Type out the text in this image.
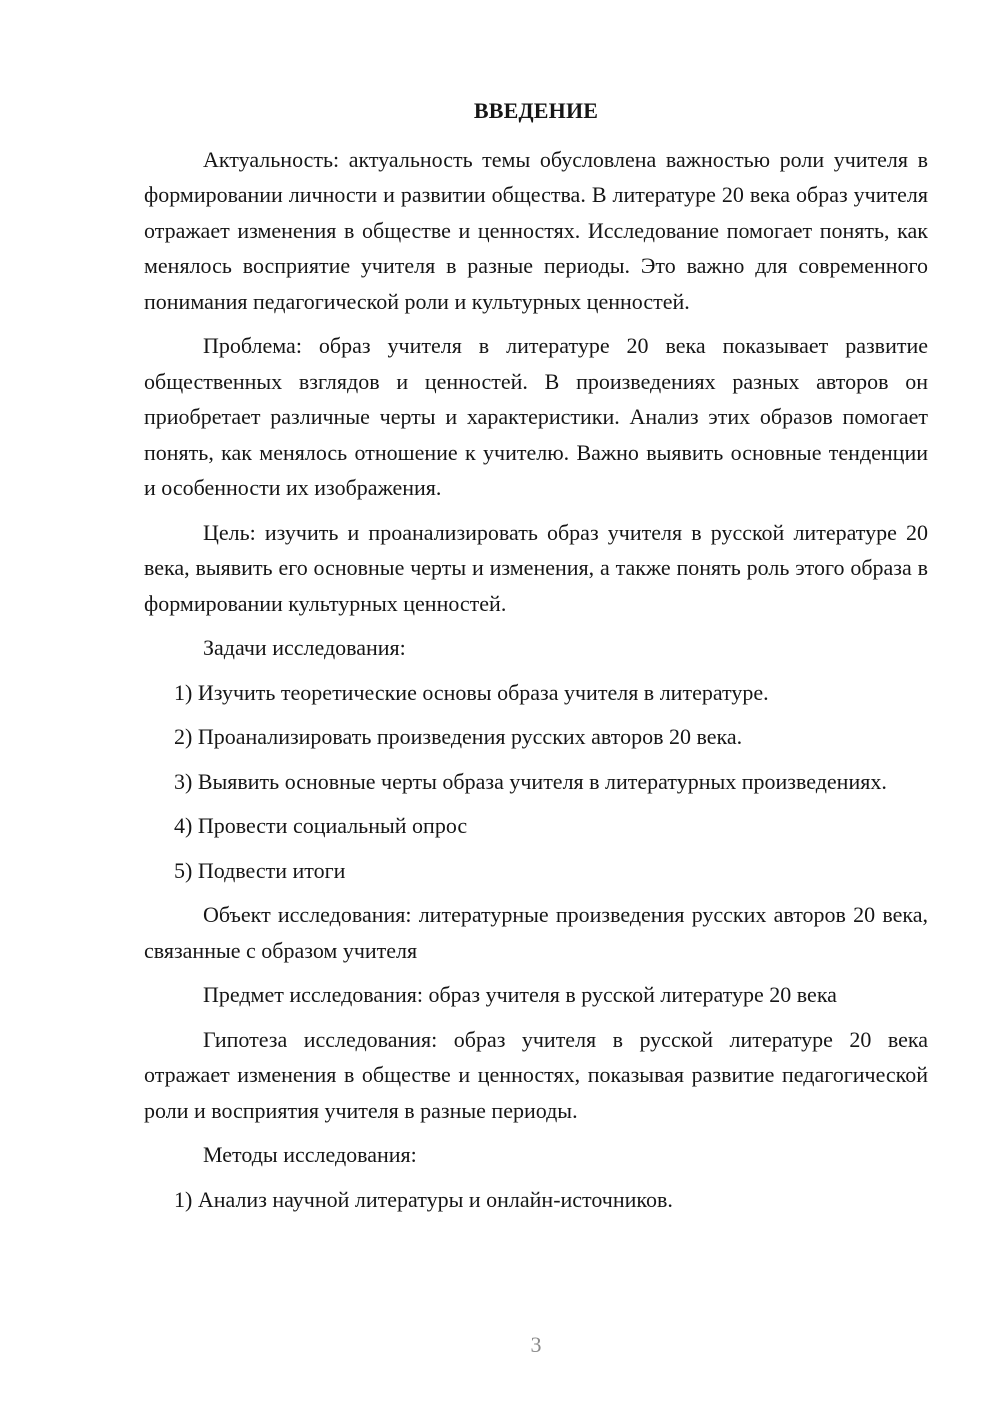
ВВЕДЕНИЕ
Актуальность: актуальность темы обусловлена важностью роли учителя в формировании личности и развитии общества. В литературе 20 века образ учителя отражает изменения в обществе и ценностях. Исследование помогает понять, как менялось восприятие учителя в разные периоды. Это важно для современного понимания педагогической роли и культурных ценностей.
Проблема: образ учителя в литературе 20 века показывает развитие общественных взглядов и ценностей. В произведениях разных авторов он приобретает различные черты и характеристики. Анализ этих образов помогает понять, как менялось отношение к учителю. Важно выявить основные тенденции и особенности их изображения.
Цель: изучить и проанализировать образ учителя в русской литературе 20 века, выявить его основные черты и изменения, а также понять роль этого образа в формировании культурных ценностей.
Задачи исследования:
1) Изучить теоретические основы образа учителя в литературе.
2) Проанализировать произведения русских авторов 20 века.
3) Выявить основные черты образа учителя в литературных произведениях.
4) Провести социальный опрос
5) Подвести итоги
Объект исследования: литературные произведения русских авторов 20 века, связанные с образом учителя
Предмет исследования: образ учителя в русской литературе 20 века
Гипотеза исследования: образ учителя в русской литературе 20 века отражает изменения в обществе и ценностях, показывая развитие педагогической роли и восприятия учителя в разные периоды.
Методы исследования:
1) Анализ научной литературы и онлайн-источников.
3
